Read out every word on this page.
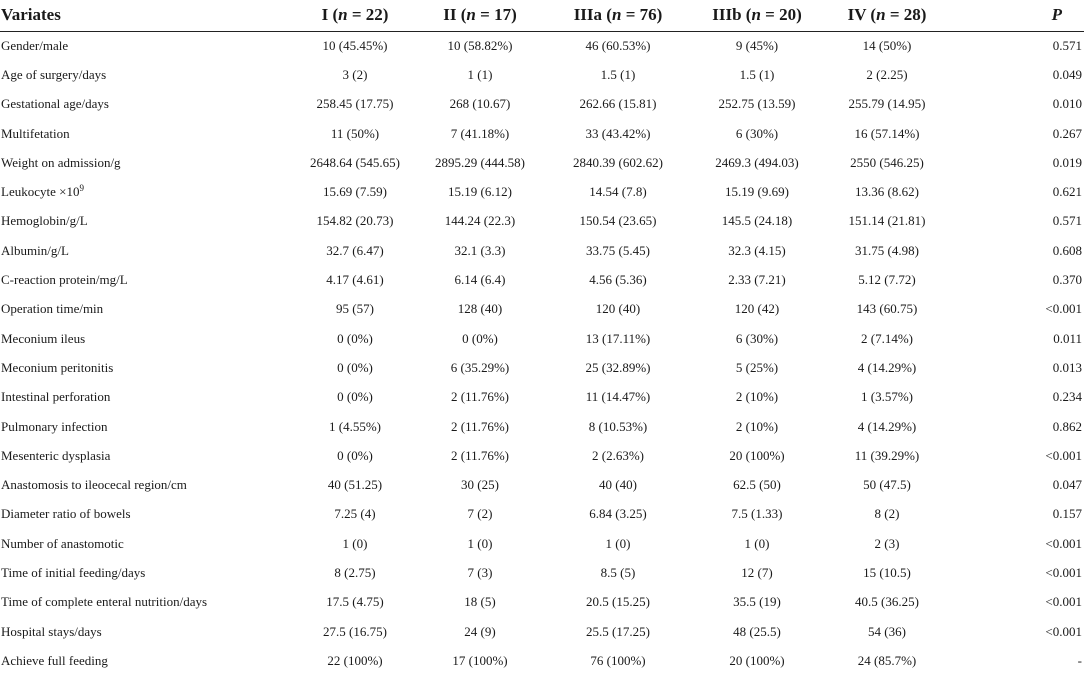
Variates	I (n = 22)	II (n = 17)	IIIa (n = 76)	IIIb (n = 20)	IV (n = 28)	P
Gender/male	10 (45.45%)	10 (58.82%)	46 (60.53%)	9 (45%)	14 (50%)	0.571
Age of surgery/days	3 (2)	1 (1)	1.5 (1)	1.5 (1)	2 (2.25)	0.049
Gestational age/days	258.45 (17.75)	268 (10.67)	262.66 (15.81)	252.75 (13.59)	255.79 (14.95)	0.010
Multifetation	11 (50%)	7 (41.18%)	33 (43.42%)	6 (30%)	16 (57.14%)	0.267
Weight on admission/g	2648.64 (545.65)	2895.29 (444.58)	2840.39 (602.62)	2469.3 (494.03)	2550 (546.25)	0.019
Leukocyte $\times 10^9$	15.69 (7.59)	15.19 (6.12)	14.54 (7.8)	15.19 (9.69)	13.36 (8.62)	0.621
Hemoglobin/g/L	154.82 (20.73)	144.24 (22.3)	150.54 (23.65)	145.5 (24.18)	151.14 (21.81)	0.571
Albumin/g/L	32.7 (6.47)	32.1 (3.3)	33.75 (5.45)	32.3 (4.15)	31.75 (4.98)	0.608
C-reaction protein/mg/L	4.17 (4.61)	6.14 (6.4)	4.56 (5.36)	2.33 (7.21)	5.12 (7.72)	0.370
Operation time/min	95 (57)	128 (40)	120 (40)	120 (42)	143 (60.75)	<0.001
Meconium ileus	0 (0%)	0 (0%)	13 (17.11%)	6 (30%)	2 (7.14%)	0.011
Meconium peritonitis	0 (0%)	6 (35.29%)	25 (32.89%)	5 (25%)	4 (14.29%)	0.013
Intestinal perforation	0 (0%)	2 (11.76%)	11 (14.47%)	2 (10%)	1 (3.57%)	0.234
Pulmonary infection	1 (4.55%)	2 (11.76%)	8 (10.53%)	2 (10%)	4 (14.29%)	0.862
Mesenteric dysplasia	0 (0%)	2 (11.76%)	2 (2.63%)	20 (100%)	11 (39.29%)	<0.001
Anastomosis to ileocecal region/cm	40 (51.25)	30 (25)	40 (40)	62.5 (50)	50 (47.5)	0.047
Diameter ratio of bowels	7.25 (4)	7 (2)	6.84 (3.25)	7.5 (1.33)	8 (2)	0.157
Number of anastomotic	1 (0)	1 (0)	1 (0)	1 (0)	2 (3)	<0.001
Time of initial feeding/days	8 (2.75)	7 (3)	8.5 (5)	12 (7)	15 (10.5)	<0.001
Time of complete enteral nutrition/days	17.5 (4.75)	18 (5)	20.5 (15.25)	35.5 (19)	40.5 (36.25)	<0.001
Hospital stays/days	27.5 (16.75)	24 (9)	25.5 (17.25)	48 (25.5)	54 (36)	<0.001
Achieve full feeding	22 (100%)	17 (100%)	76 (100%)	20 (100%)	24 (85.7%)	-
